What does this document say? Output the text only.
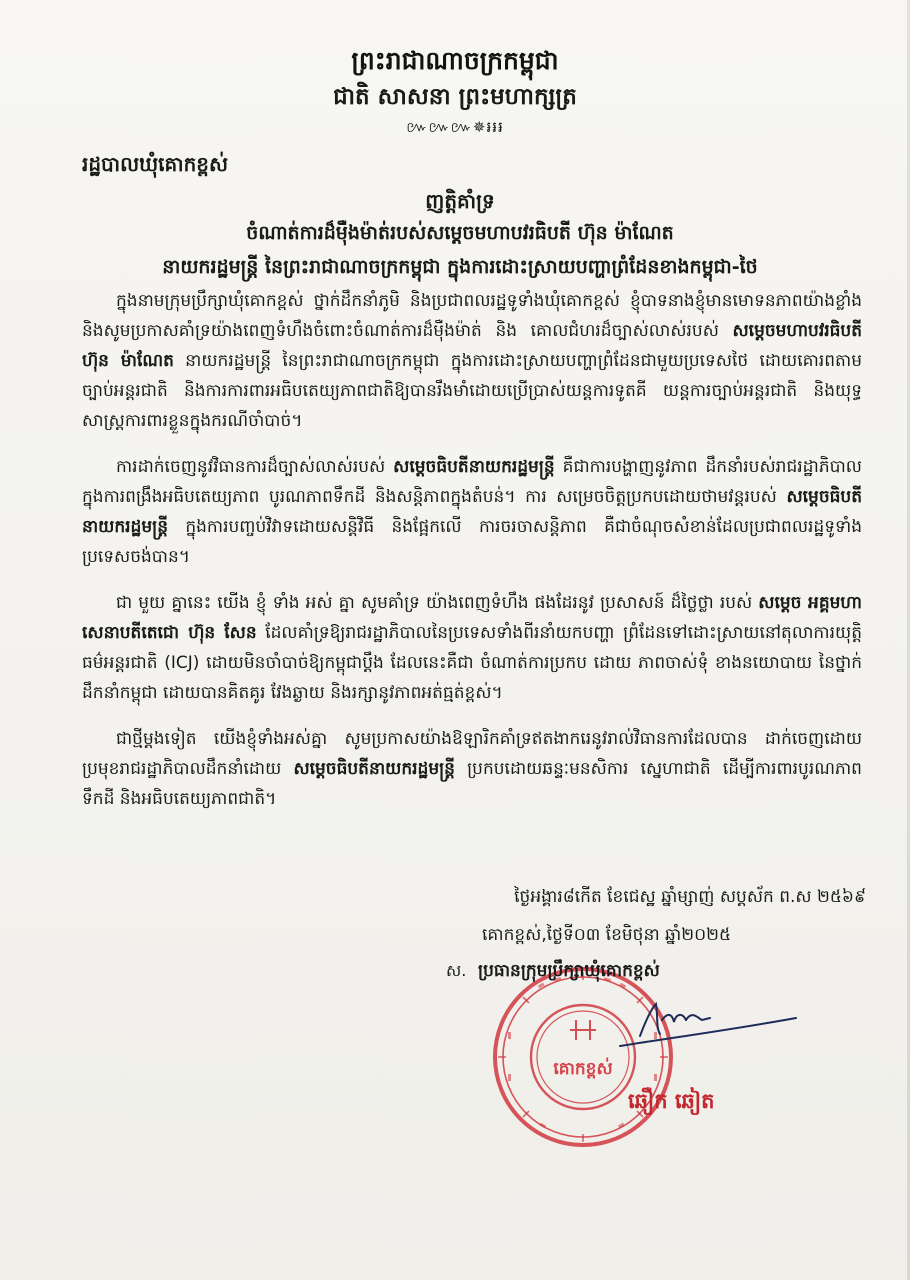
ព្រះរាជាណាចក្រកម្ពុជា
ជាតិ សាសនា ព្រះមហាក្សត្រ
៚៚៚✵៛៛៛
រដ្ឋបាលឃុំគោកខ្ពស់
ញត្តិគាំទ្រ
ចំណាត់ការដ៏ម៉ឺងម៉ាត់របស់សម្តេចមហាបវរធិបតី ហ៊ុន ម៉ាណែត
នាយករដ្ឋមន្ត្រី នៃព្រះរាជាណាចក្រកម្ពុជា ក្នុងការដោះស្រាយបញ្ហាព្រំដែនខាងកម្ពុជា-ថៃ

ក្នុងនាមក្រុមប្រឹក្សាឃុំគោកខ្ពស់ ថ្នាក់ដឹកនាំភូមិ និងប្រជាពលរដ្ឋទូទាំងឃុំគោកខ្ពស់ ខ្ញុំបាទនាងខ្ញុំមានមោទនភាពយ៉ាងខ្លាំង និងសូមប្រកាសគាំទ្រយ៉ាងពេញទំហឹងចំពោះចំណាត់ការដ៏ម៉ឺងម៉ាត់ និង គោលជំហរដ៏ច្បាស់លាស់របស់ សម្តេចមហាបវរធិបតី ហ៊ុន ម៉ាណែត នាយករដ្ឋមន្ត្រី នៃព្រះរាជាណាចក្រកម្ពុជា ក្នុងការដោះស្រាយបញ្ហាព្រំដែនជាមួយប្រទេសថៃ ដោយគោរពតាមច្បាប់អន្តរជាតិ និងការការពារអធិបតេយ្យភាពជាតិឱ្យបានរឹងមាំដោយប្រើប្រាស់យន្តការទូតគី យន្តការច្បាប់អន្តរជាតិ និងយុទ្ធសាស្ត្រការពារខ្លួនក្នុងករណីចាំបាច់។

ការដាក់ចេញនូវវិធានការដ៏ច្បាស់លាស់របស់ សម្តេចធិបតីនាយករដ្ឋមន្ត្រី គឺជាការបង្ហាញនូវភាព ដឹកនាំរបស់រាជរដ្ឋាភិបាល ក្នុងការពង្រឹងអធិបតេយ្យភាព បូរណភាពទឹកដី និងសន្តិភាពក្នុងតំបន់។ ការ សម្រេចចិត្តប្រកបដោយថាមវន្តរបស់ សម្តេចធិបតីនាយករដ្ឋមន្ត្រី ក្នុងការបញ្ចប់វិវាទដោយសន្តិវិធី និងផ្អែកលើ ការចរចាសន្តិភាព គឺជាចំណុចសំខាន់ដែលប្រជាពលរដ្ឋទូទាំងប្រទេសចង់បាន។

ជា មួយ គ្នានេះ យើង ខ្ញុំ ទាំង អស់ គ្នា សូមគាំទ្រ យ៉ាងពេញទំហឹង ផងដែរនូវ ប្រសាសន៍ ដ៏ថ្លៃថ្លា របស់ សម្តេច អគ្គមហាសេនាបតីតេជោ ហ៊ុន សែន ដែលគាំទ្រឱ្យរាជរដ្ឋាភិបាលនៃប្រទេសទាំងពីរនាំយកបញ្ហា ព្រំដែនទៅដោះស្រាយនៅតុលាការយុត្តិធម៌អន្តរជាតិ (ICJ) ដោយមិនចាំបាច់ឱ្យកម្ពុជាប្តឹង ដែលនេះគឺជា ចំណាត់ការប្រកប ដោយ ភាពចាស់ទុំ ខាងនយោបាយ នៃថ្នាក់ដឹកនាំកម្ពុជា ដោយបានគិតគូរ វែងឆ្ងាយ និងរក្សានូវភាពអត់ធ្មត់ខ្ពស់។

ជាថ្មីម្តងទៀត យើងខ្ញុំទាំងអស់គ្នា សូមប្រកាសយ៉ាងឱឡារិកគាំទ្រឥតងាករេនូវរាល់វិធានការដែលបាន ដាក់ចេញដោយប្រមុខរាជរដ្ឋាភិបាលដឹកនាំដោយ សម្តេចធិបតីនាយករដ្ឋមន្ត្រី ប្រកបដោយឆន្ទៈមនសិការ ស្នេហាជាតិ ដើម្បីការពារបូរណភាពទឹកដី និងអធិបតេយ្យភាពជាតិ។

ថ្ងៃអង្គារ៨កើត ខែជេស្ឋ ឆ្នាំម្សាញ់ សប្តស័ក ព.ស ២៥៦៩
គោកខ្ពស់,ថ្ងៃទី០៣ ខែមិថុនា ឆ្នាំ២០២៥
គោកខ្ពស់
ស. ប្រធានក្រុមប្រឹក្សាឃុំគោកខ្ពស់
ឆឿក ឆៀត
